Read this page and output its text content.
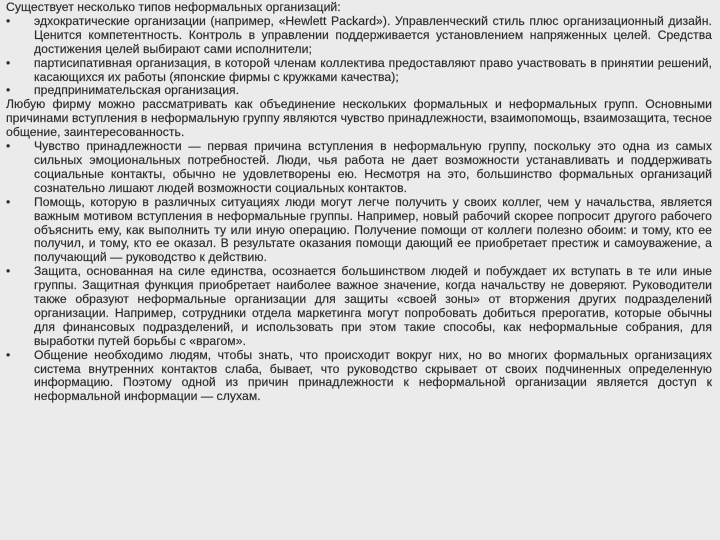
Существует несколько типов неформальных организаций:

•	эдхократические организации (например, «Hewlett Packard»). Управленческий стиль плюс организационный дизайн. Ценится компетентность. Контроль в управлении поддерживается установлением напряженных целей. Средства достижения целей выбирают сами исполнители;

•	партисипативная организация, в которой членам коллектива предоставляют право участвовать в принятии решений, касающихся их работы (японские фирмы с кружками качества);

•	предпринимательская организация.

Любую фирму можно рассматривать как объединение нескольких формальных и неформальных групп. Основными причинами вступления в неформальную группу являются чувство принадлежности, взаимопомощь, взаимозащита, тесное общение, заинтересованность.

•	Чувство принадлежности — первая причина вступления в неформальную группу, поскольку это одна из самых сильных эмоциональных потребностей. Люди, чья работа не дает возможности устанавливать и поддерживать социальные контакты, обычно не удовлетворены ею. Несмотря на это, большинство формальных организаций сознательно лишают людей возможности социальных контактов.

•	Помощь, которую в различных ситуациях люди могут легче получить у своих коллег, чем у начальства, является важным мотивом вступления в неформальные группы. Например, новый рабочий скорее попросит другого рабочего объяснить ему, как выполнить ту или иную операцию. Получение помощи от коллеги полезно обоим: и тому, кто ее получил, и тому, кто ее оказал. В результате оказания помощи дающий ее приобретает престиж и самоуважение, а получающий — руководство к действию.

•	Защита, основанная на силе единства, осознается большинством людей и побуждает их вступать в те или иные группы. Защитная функция приобретает наиболее важное значение, когда начальству не доверяют. Руководители также образуют неформальные организации для защиты «своей зоны» от вторжения других подразделений организации. Например, сотрудники отдела маркетинга могут попробовать добиться прерогатив, которые обычны для финансовых подразделений, и использовать при этом такие способы, как неформальные собрания, для выработки путей борьбы с «врагом».

•	Общение необходимо людям, чтобы знать, что происходит вокруг них, но во многих формальных организациях система внутренних контактов слаба, бывает, что руководство скрывает от своих подчиненных определенную информацию. Поэтому одной из причин принадлежности к неформальной организации является доступ к неформальной информации — слухам.
